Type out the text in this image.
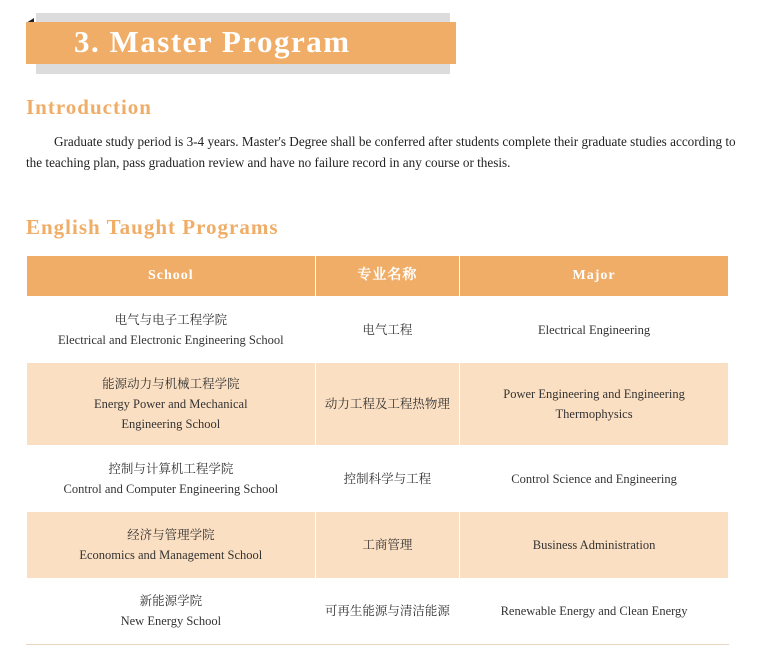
3. Master Program
Introduction
Graduate study period is 3-4 years. Master's Degree shall be conferred after students complete their graduate studies according to the teaching plan, pass graduation review and have no failure record in any course or thesis.
English Taught Programs
School	专业名称	Major

电气与电子工程学院
Electrical and Electronic Engineering School	电气工程	Electrical Engineering

能源动力与机械工程学院
Energy Power and Mechanical Engineering School	动力工程及工程热物理	Power Engineering and Engineering Thermophysics

控制与计算机工程学院
Control and Computer Engineering School	控制科学与工程	Control Science and Engineering

经济与管理学院
Economics and Management School	工商管理	Business Administration

新能源学院
New Energy School	可再生能源与清洁能源	Renewable Energy and Clean Energy
